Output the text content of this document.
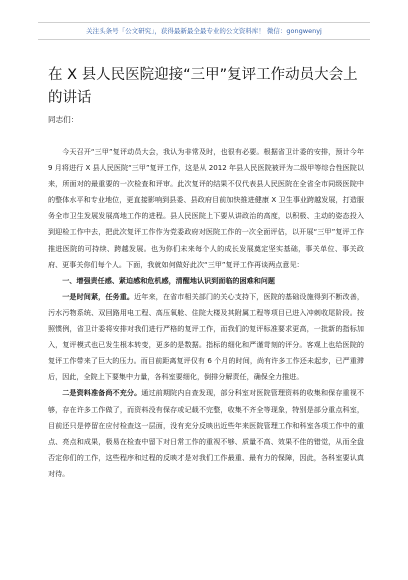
关注头条号「公文研究」，获得最新最全最专业的公文资料库！ 微信：gongwenyj
在 X 县人民医院迎接“三甲”复评工作动员大会上的讲话
同志们：

今天召开“三甲”复评动员大会，我认为非常及时，也很有必要。根据省卫计委的安排，预计今年 9 月将进行 X 县人民医院“三甲”复评工作，这是从 2012 年县人民医院被评为二级甲等综合性医院以来，所面对的最重要的一次检查和评审。此次复评的结果不仅代表县人民医院在全省全市同级医院中的整体水平和专业地位，更直接影响到县委、县政府目前加快推进健康 X 卫生事业跨越发展，打造服务全市卫生发展发展高地工作的进程。县人民医院上下要从讲政治的高度，以积极、主动的姿态投入到迎检工作中去，把此次复评工作作为党委政府对医院工作的一次全面评估，以开展“三甲”复评工作推进医院的可持续、跨越发展。也为你们未来每个人的成长发展奠定坚实基础，事关单位、事关政府、更事关你们每个人。下面，我就如何做好此次“三甲”复评工作再谈两点意见：

一、增强责任感、紧迫感和危机感，清醒地认识到面临的困难和问题

一是时间紧，任务重。近年来，在省市相关部门的关心支持下，医院的基础设施得到不断改善，污水污物系统、双回路用电工程、高压氧舱、住院大楼及其附属工程等项目已进入冲刺收尾阶段。按照惯例，省卫计委将安排对我们进行严格的复评工作，而我们的复评标准要求更高，一批新的指标加入，复评模式也已发生根本转变，更多的是数据。指标的细化和严谨苛刻的评分。客观上也给医院的复评工作带来了巨大的压力。而目前距离复评仅有 6 个月的时间，尚有许多工作还未起步，已严重滞后，因此，全院上下要集中力量，各科室要细化，倒排分解责任，确保全力推进。

二是资料准备尚不充分。通过前期院内自查发现，部分科室对医院管理资料的收集和保存重视不够，存在许多工作做了，而资料没有保存或记载不完整，收集不齐全等现象，特别是部分重点科室，目前还只是停留在应付检查这一层面，没有充分反映出近些年来医院管理工作和科室各项工作中的重点、亮点和成果，极易在检查中留下对日常工作的重视不够、质量不高、效果不佳的错觉，从而全盘否定你们的工作，这些程序和过程的反映才是对我们工作最重、最有力的保障，因此，各科室要认真对待。
